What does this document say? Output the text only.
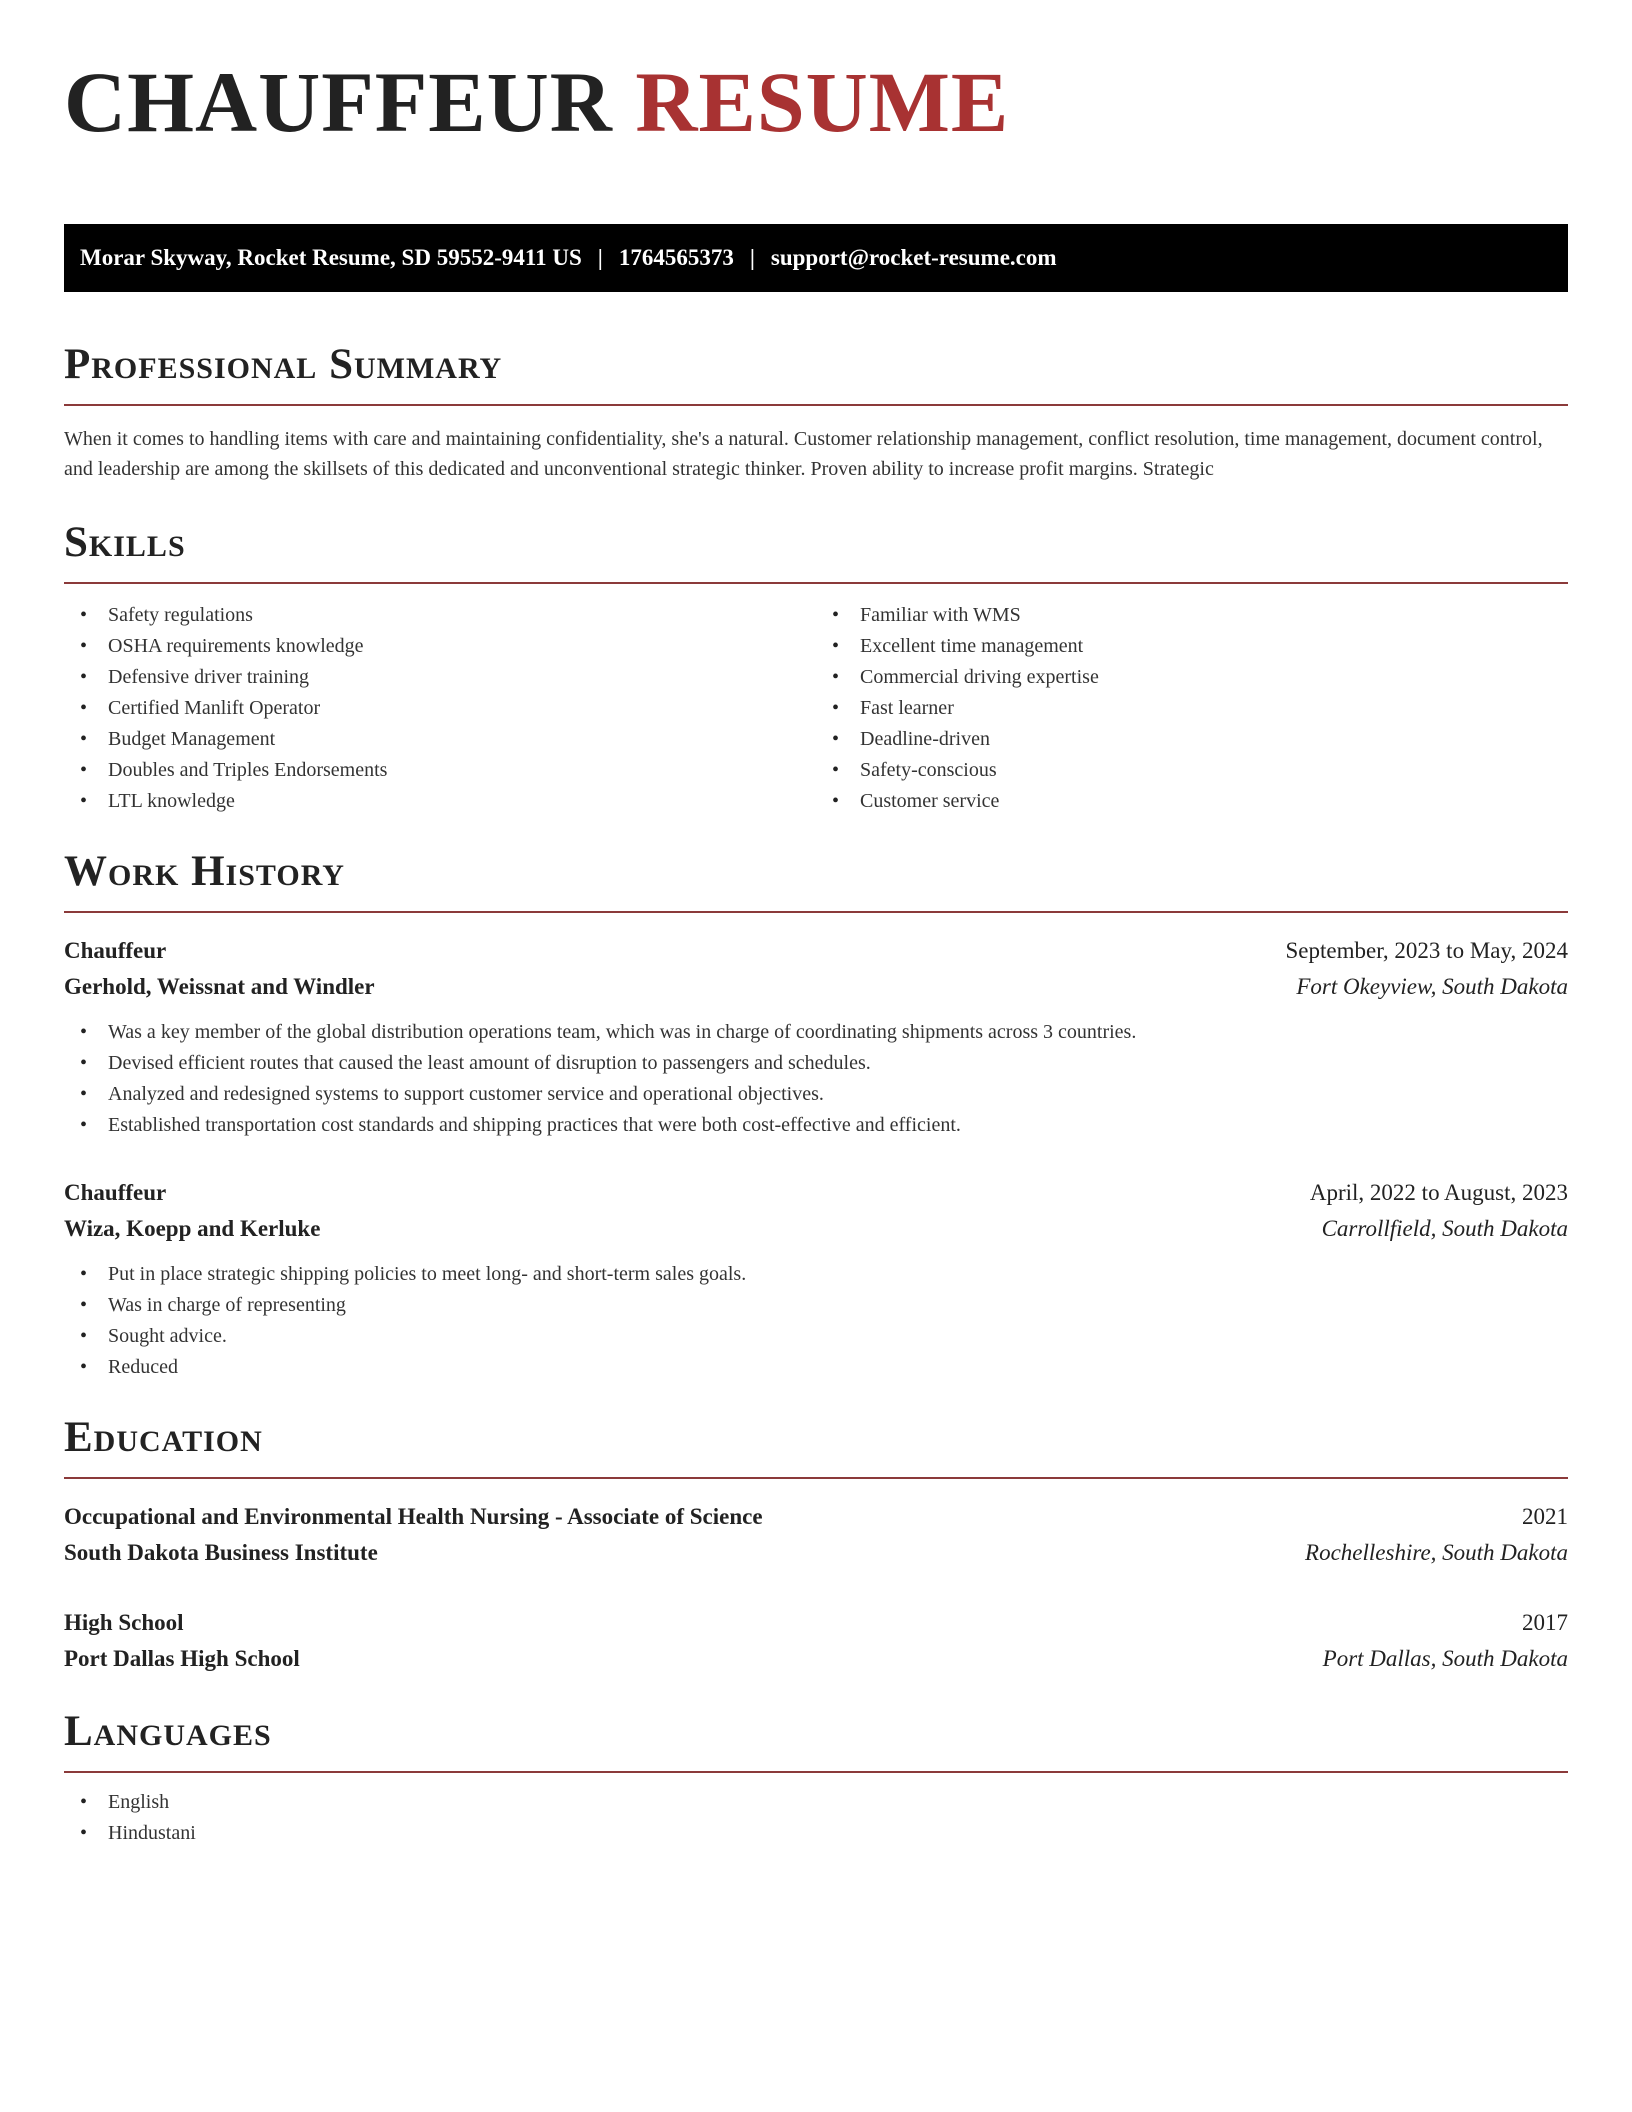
CHAUFFEUR RESUME
Morar Skyway, Rocket Resume, SD 59552-9411 US | 1764565373 | support@rocket-resume.com
Professional Summary
When it comes to handling items with care and maintaining confidentiality, she's a natural. Customer relationship management, conflict resolution, time management, document control, and leadership are among the skillsets of this dedicated and unconventional strategic thinker. Proven ability to increase profit margins. Strategic
Skills
• Safety regulations
• OSHA requirements knowledge
• Defensive driver training
• Certified Manlift Operator
• Budget Management
• Doubles and Triples Endorsements
• LTL knowledge
• Familiar with WMS
• Excellent time management
• Commercial driving expertise
• Fast learner
• Deadline-driven
• Safety-conscious
• Customer service
Work History
Chauffeur	September, 2023 to May, 2024
Gerhold, Weissnat and Windler	Fort Okeyview, South Dakota
• Was a key member of the global distribution operations team, which was in charge of coordinating shipments across 3 countries.
• Devised efficient routes that caused the least amount of disruption to passengers and schedules.
• Analyzed and redesigned systems to support customer service and operational objectives.
• Established transportation cost standards and shipping practices that were both cost-effective and efficient.
Chauffeur	April, 2022 to August, 2023
Wiza, Koepp and Kerluke	Carrollfield, South Dakota
• Put in place strategic shipping policies to meet long- and short-term sales goals.
• Was in charge of representing
• Sought advice.
• Reduced
Education
Occupational and Environmental Health Nursing - Associate of Science	2021
South Dakota Business Institute	Rochelleshire, South Dakota
High School	2017
Port Dallas High School	Port Dallas, South Dakota
Languages
• English
• Hindustani
